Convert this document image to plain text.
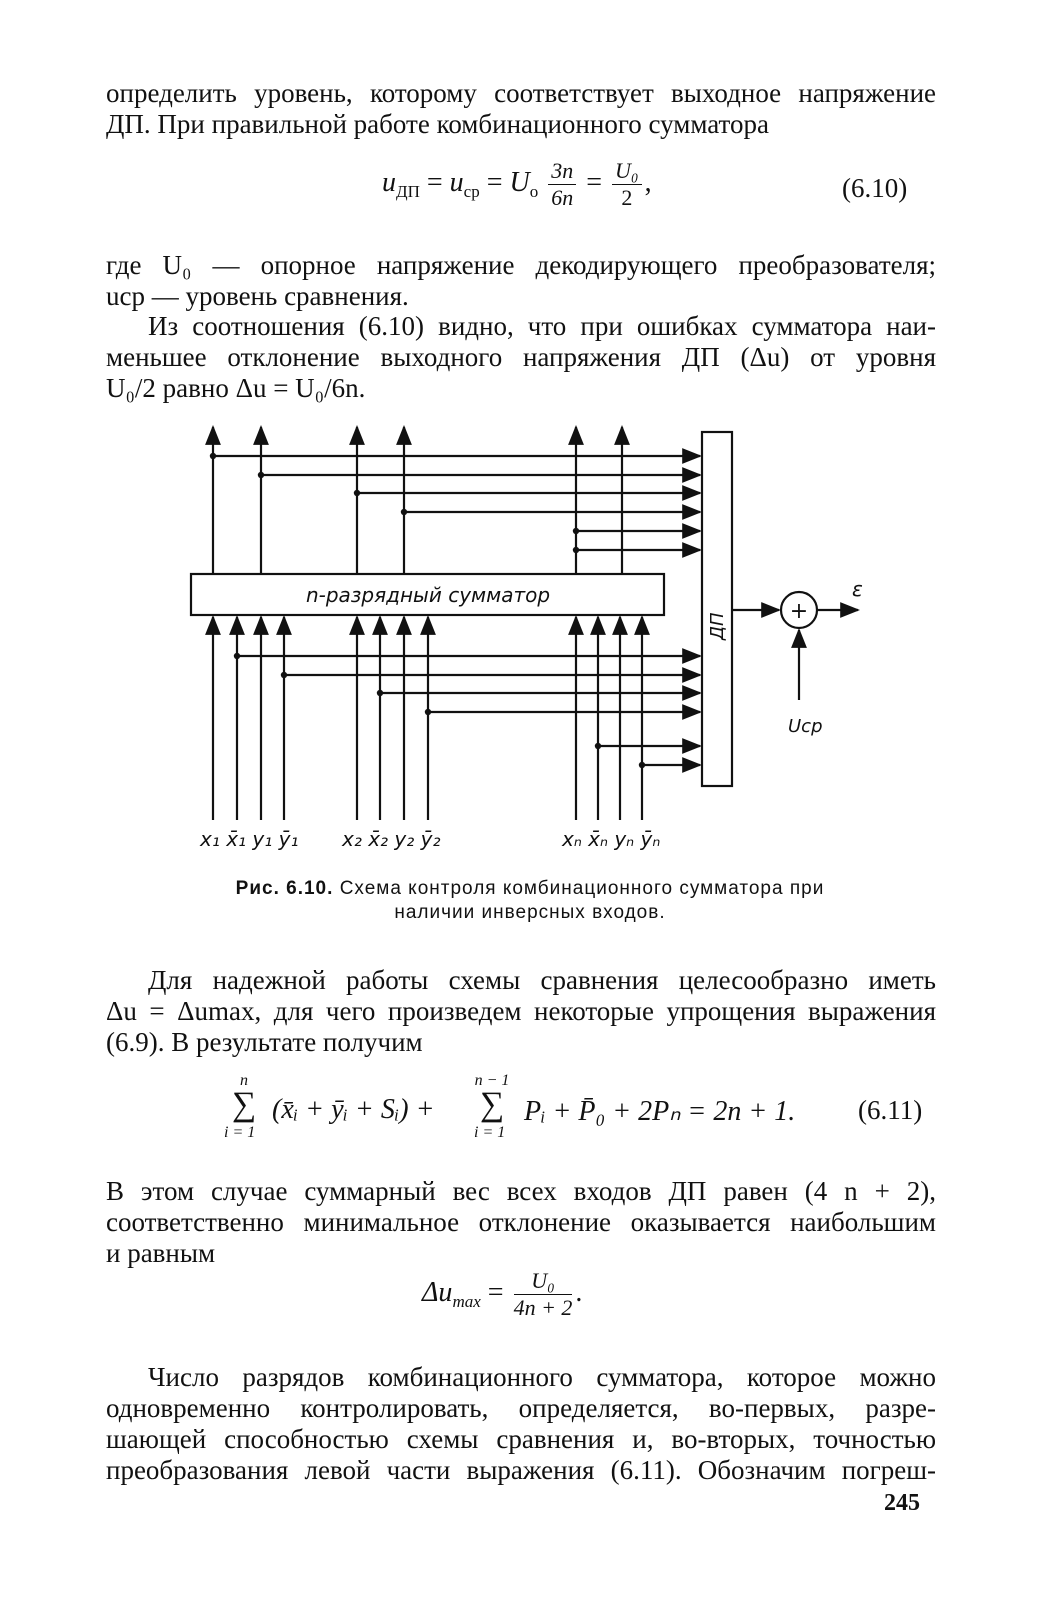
определить уровень, которому соответствует выходное напряжение
ДП. При правильной работе комбинационного сумматора
$u_{ДП} = u_{ср} = U_о \frac{3n}{6n} = \frac{\text{U₀}}{2}$ ,	(6.10)
где U₀ — опорное напряжение декодирующего преобразователя;
uср — уровень сравнения.
Из соотношения (6.10) видно, что при ошибках сумматора наи-
меньшее отклонение выходного напряжения ДП (Δu) от уровня
U₀/2 равно Δu = U₀/6n.
n-разрядный сумматор
ДП
+
ε
Uср
x₁ x̄₁ y₁ ȳ₁ x₂ x̄₂ y₂ ȳ₂	xₙ x̄ₙ yₙ ȳₙ
Рис. 6.10. Схема контроля комбинационного сумматора при
наличии инверсных входов.
Для надежной работы схемы сравнения целесообразно иметь
Δu = Δumax, для чего произведем некоторые упрощения выражения
(6.9). В результате получим
n
∑
i = 1
(x̄ᵢ + ȳᵢ + Sᵢ) +
n − 1
∑
i = 1
Pᵢ + P̄₀ + 2Pₙ = 2n + 1. (6.11)
В этом случае суммарный вес всех входов ДП равен (4 n + 2),
соответственно минимальное отклонение оказывается наибольшим
и равным
$\Delta u_{max} = \frac{\text{U₀}}{4n + 2}$ .
Число разрядов комбинационного сумматора, которое можно
одновременно контролировать, определяется, во-первых, разре-
шающей способностью схемы сравнения и, во-вторых, точностью
преобразования левой части выражения (6.11). Обозначим погреш-
245
